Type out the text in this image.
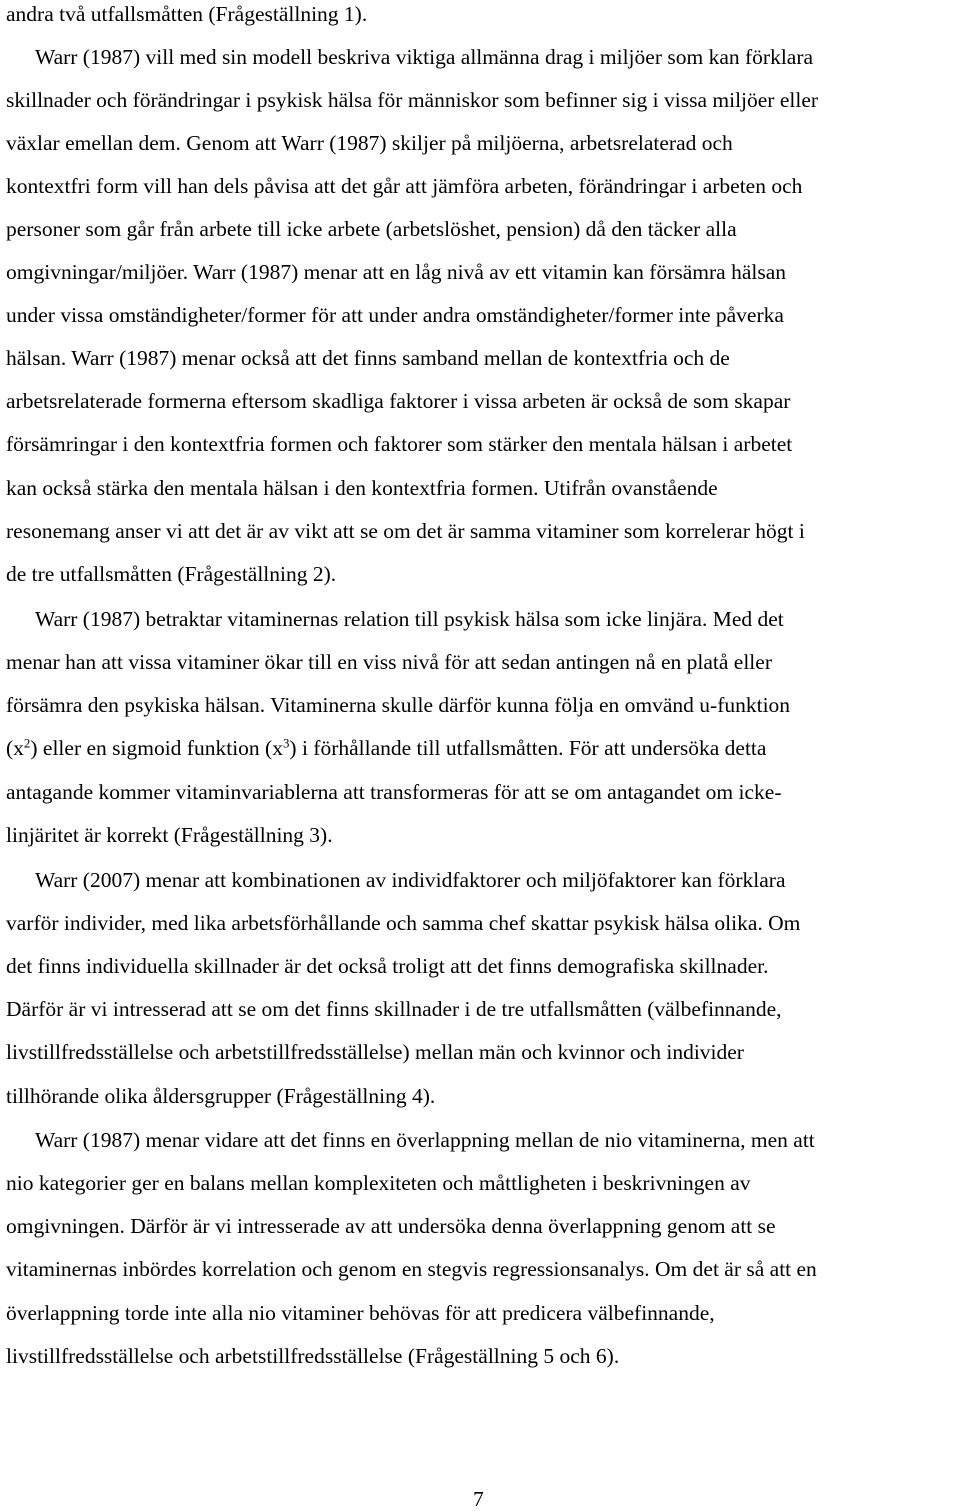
andra två utfallsmåtten (Frågeställning 1).
Warr (1987) vill med sin modell beskriva viktiga allmänna drag i miljöer som kan förklara
skillnader och förändringar i psykisk hälsa för människor som befinner sig i vissa miljöer eller
växlar emellan dem. Genom att Warr (1987) skiljer på miljöerna, arbetsrelaterad och
kontextfri form vill han dels påvisa att det går att jämföra arbeten, förändringar i arbeten och
personer som går från arbete till icke arbete (arbetslöshet, pension) då den täcker alla
omgivningar/miljöer. Warr (1987) menar att en låg nivå av ett vitamin kan försämra hälsan
under vissa omständigheter/former för att under andra omständigheter/former inte påverka
hälsan. Warr (1987) menar också att det finns samband mellan de kontextfria och de
arbetsrelaterade formerna eftersom skadliga faktorer i vissa arbeten är också de som skapar
försämringar i den kontextfria formen och faktorer som stärker den mentala hälsan i arbetet
kan också stärka den mentala hälsan i den kontextfria formen. Utifrån ovanstående
resonemang anser vi att det är av vikt att se om det är samma vitaminer som korrelerar högt i
de tre utfallsmåtten (Frågeställning 2).
Warr (1987) betraktar vitaminernas relation till psykisk hälsa som icke linjära. Med det
menar han att vissa vitaminer ökar till en viss nivå för att sedan antingen nå en platå eller
försämra den psykiska hälsan. Vitaminerna skulle därför kunna följa en omvänd u-funktion
$(x^2)$ eller en sigmoid funktion $(x^3)$ i förhållande till utfallsmåtten. För att undersöka detta
antagande kommer vitaminvariablerna att transformeras för att se om antagandet om icke-
linjäritet är korrekt (Frågeställning 3).
Warr (2007) menar att kombinationen av individfaktorer och miljöfaktorer kan förklara
varför individer, med lika arbetsförhållande och samma chef skattar psykisk hälsa olika. Om
det finns individuella skillnader är det också troligt att det finns demografiska skillnader.
Därför är vi intresserad att se om det finns skillnader i de tre utfallsmåtten (välbefinnande,
livstillfredsställelse och arbetstillfredsställelse) mellan män och kvinnor och individer
tillhörande olika åldersgrupper (Frågeställning 4).
Warr (1987) menar vidare att det finns en överlappning mellan de nio vitaminerna, men att
nio kategorier ger en balans mellan komplexiteten och måttligheten i beskrivningen av
omgivningen. Därför är vi intresserade av att undersöka denna överlappning genom att se
vitaminernas inbördes korrelation och genom en stegvis regressionsanalys. Om det är så att en
överlappning torde inte alla nio vitaminer behövas för att predicera välbefinnande,
livstillfredsställelse och arbetstillfredsställelse (Frågeställning 5 och 6).
7
